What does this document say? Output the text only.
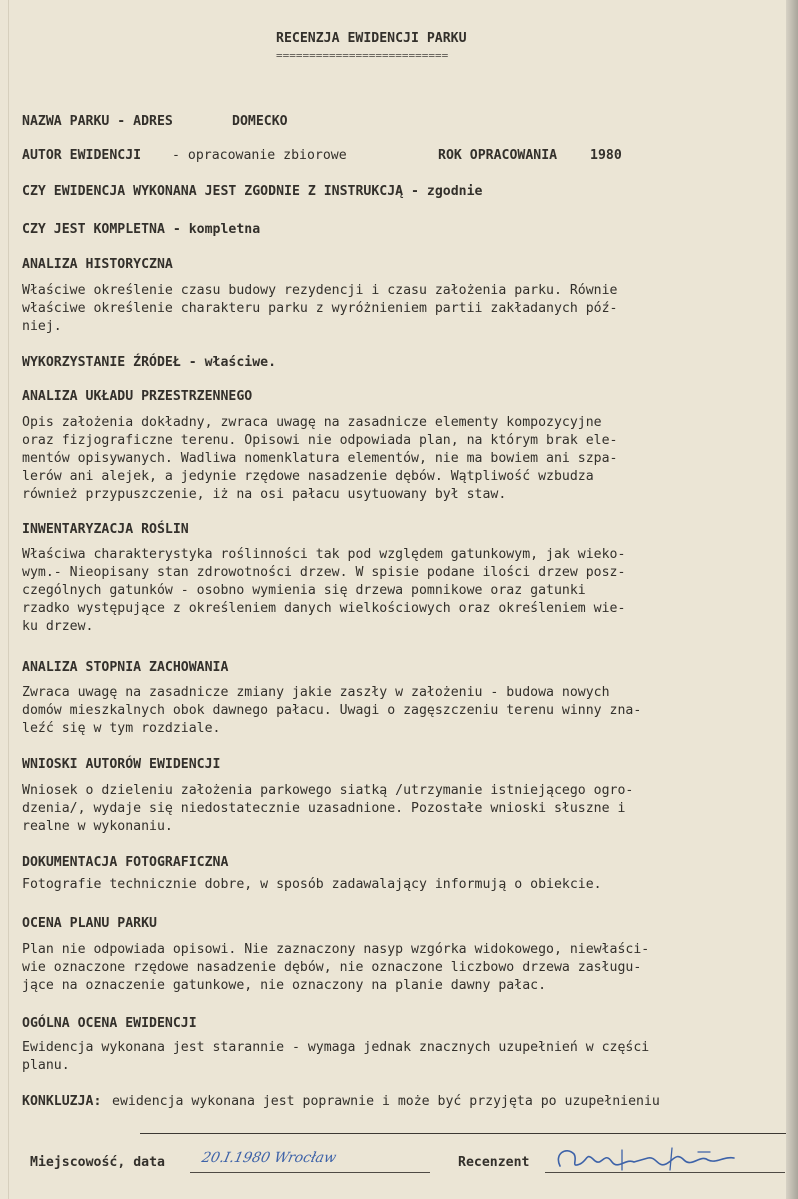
RECENZJA EWIDENCJI PARKU
==========================
NAZWA PARKU - ADRES	DOMECKO
AUTOR EWIDENCJI - opracowanie zbiorowe	ROK OPRACOWANIA 1980
CZY EWIDENCJA WYKONANA JEST ZGODNIE Z INSTRUKCJĄ - zgodnie
CZY JEST KOMPLETNA - kompletna
ANALIZA HISTORYCZNA
Właściwe określenie czasu budowy rezydencji i czasu założenia parku. Równie
właściwe określenie charakteru parku z wyróżnieniem partii zakładanych póź-
niej.
WYKORZYSTANIE ŹRÓDEŁ - właściwe.
ANALIZA UKŁADU PRZESTRZENNEGO
Opis założenia dokładny, zwraca uwagę na zasadnicze elementy kompozycyjne
oraz fizjograficzne terenu. Opisowi nie odpowiada plan, na którym brak ele-
mentów opisywanych. Wadliwa nomenklatura elementów, nie ma bowiem ani szpa-
lerów ani alejek, a jedynie rzędowe nasadzenie dębów. Wątpliwość wzbudza
również przypuszczenie, iż na osi pałacu usytuowany był staw.
INWENTARYZACJA ROŚLIN
Właściwa charakterystyka roślinności tak pod względem gatunkowym, jak wieko-
wym.- Nieopisany stan zdrowotności drzew. W spisie podane ilości drzew posz-
czególnych gatunków - osobno wymienia się drzewa pomnikowe oraz gatunki
rzadko występujące z określeniem danych wielkościowych oraz określeniem wie-
ku drzew.
ANALIZA STOPNIA ZACHOWANIA
Zwraca uwagę na zasadnicze zmiany jakie zaszły w założeniu - budowa nowych
domów mieszkalnych obok dawnego pałacu. Uwagi o zagęszczeniu terenu winny zna-
leźć się w tym rozdziale.
WNIOSKI AUTORÓW EWIDENCJI
Wniosek o dzieleniu założenia parkowego siatką /utrzymanie istniejącego ogro-
dzenia/, wydaje się niedostatecznie uzasadnione. Pozostałe wnioski słuszne i
realne w wykonaniu.
DOKUMENTACJA FOTOGRAFICZNA
Fotografie technicznie dobre, w sposób zadawalający informują o obiekcie.
OCENA PLANU PARKU
Plan nie odpowiada opisowi. Nie zaznaczony nasyp wzgórka widokowego, niewłaści-
wie oznaczone rzędowe nasadzenie dębów, nie oznaczone liczbowo drzewa zasługu-
jące na oznaczenie gatunkowe, nie oznaczony na planie dawny pałac.
OGÓLNA OCENA EWIDENCJI
Ewidencja wykonana jest starannie - wymaga jednak znacznych uzupełnień w części
planu.
KONKLUZJA: ewidencja wykonana jest poprawnie i może być przyjęta po uzupełnieniu
Miejscowość, data	20.I.1980 Wrocław	Recenzent
